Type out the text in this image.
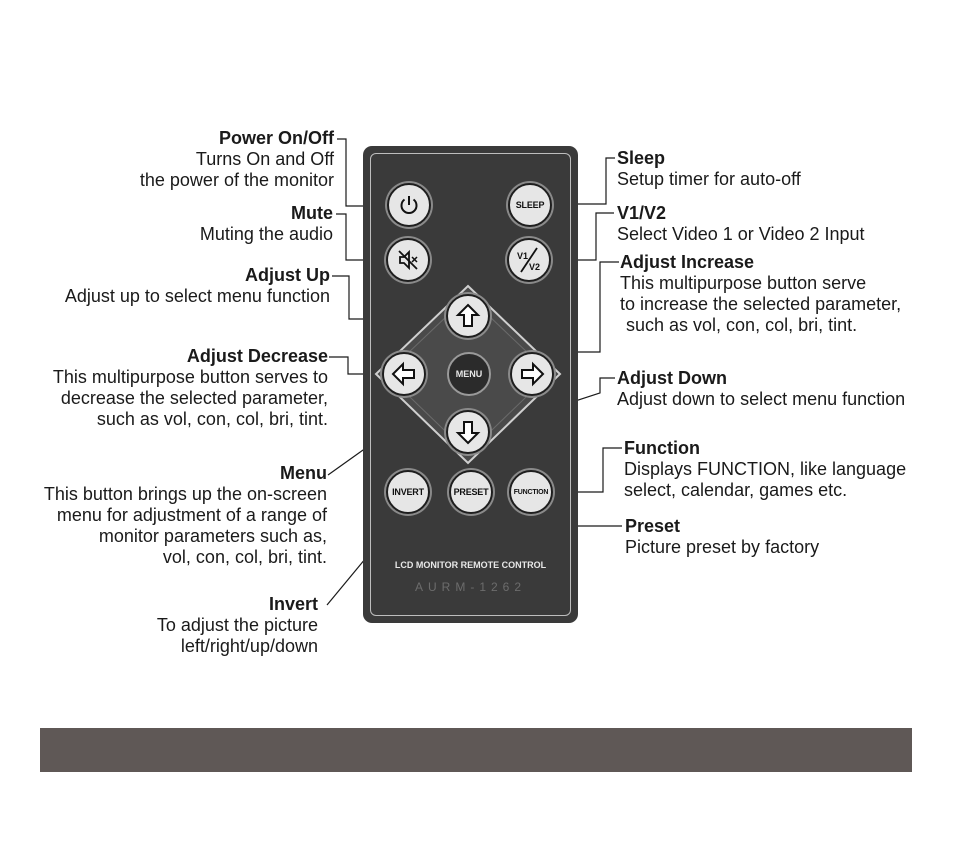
SLEEP
V1
V2
MENU
INVERT	PRESET	FUNCTION
LCD MONITOR REMOTE CONTROL
AURM-1262
Power On/Off
Turns On and Off
the power of the monitor
Mute
Muting the audio
Adjust Up
Adjust up to select menu function
Adjust Decrease
This multipurpose button serves to
decrease the selected parameter,
such as vol, con, col, bri, tint.
Menu
This button brings up the on-screen
menu for adjustment of a range of
monitor parameters such as,
vol, con, col, bri, tint.
Invert
To adjust the picture
left/right/up/down
Sleep
Setup timer for auto-off
V1/V2
Select Video 1 or Video 2 Input
Adjust Increase
This multipurpose button serve
to increase the selected parameter,
such as vol, con, col, bri, tint.
Adjust Down
Adjust down to select menu function
Function
Displays FUNCTION, like language
select, calendar, games etc.
Preset
Picture preset by factory
